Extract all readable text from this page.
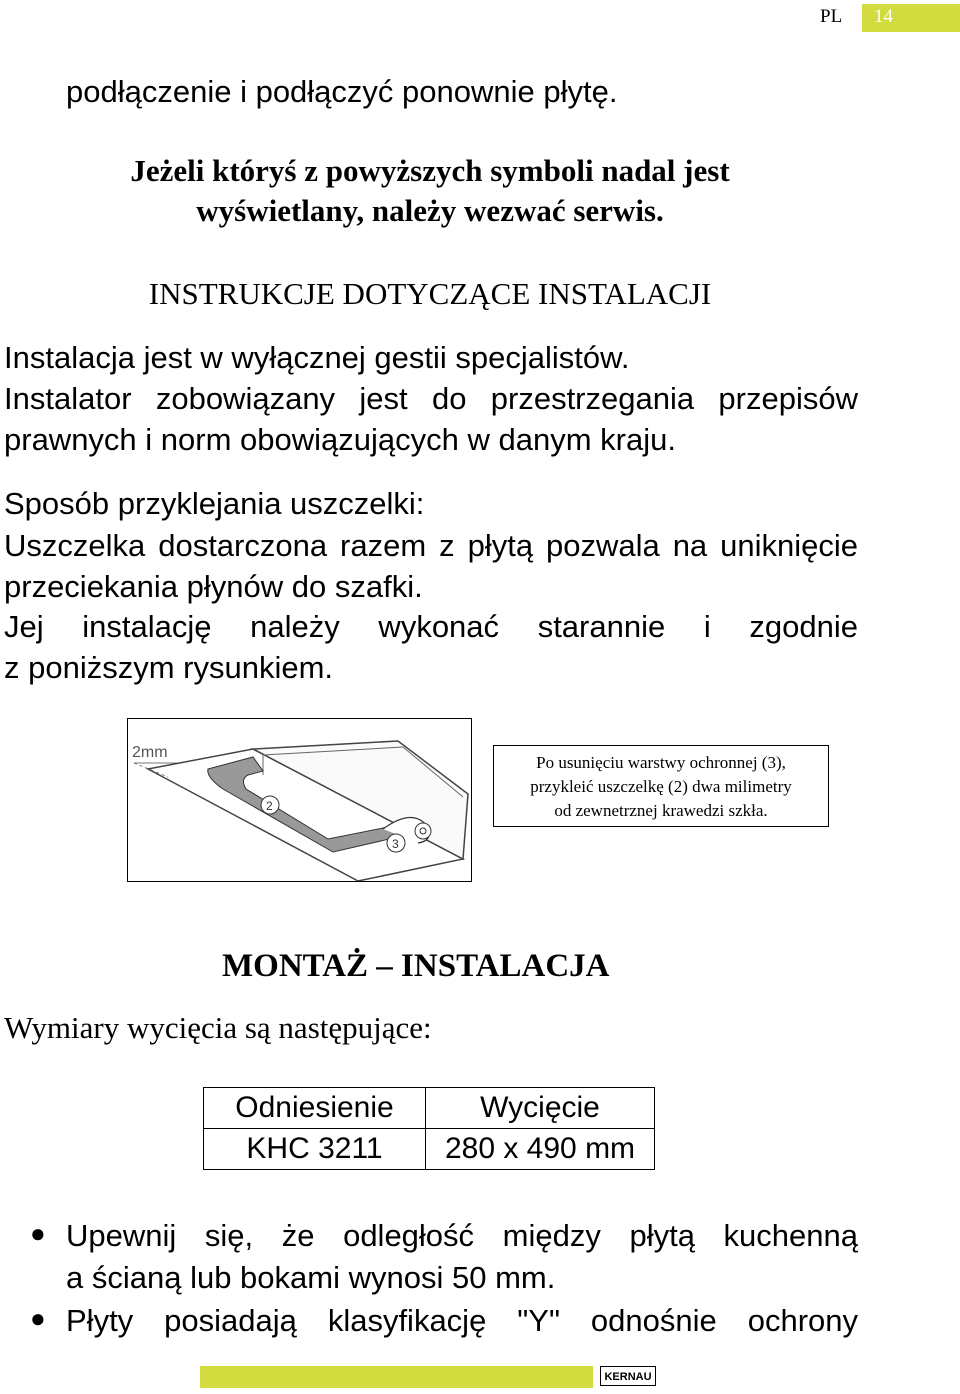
PL 14
podłączenie i podłączyć ponownie płytę.
Jeżeli któryś z powyższych symboli nadal jest
wyświetlany, należy wezwać serwis.
INSTRUKCJE DOTYCZĄCE INSTALACJI
Instalacja jest w wyłącznej gestii specjalistów.
Instalator zobowiązany jest do przestrzegania przepisów
prawnych i norm obowiązujących w danym kraju.
Sposób przyklejania uszczelki:
Uszczelka dostarczona razem z płytą pozwala na uniknięcie
przeciekania płynów do szafki.
Jej instalację należy wykonać starannie i zgodnie
z poniższym rysunkiem.
2mm
2
3
Po usunięciu warstwy ochronnej (3),
przykleić uszczelkę (2) dwa milimetry
od zewnetrznej krawedzi szkła.
MONTAŻ – INSTALACJA
Wymiary wycięcia są następujące:
Odniesienie	Wycięcie
KHC 3211	280 x 490 mm
● Upewnij się, że odległość między płytą kuchenną
a ścianą lub bokami wynosi 50 mm.
● Płyty posiadają klasyfikację "Y" odnośnie ochrony
KERNAU
